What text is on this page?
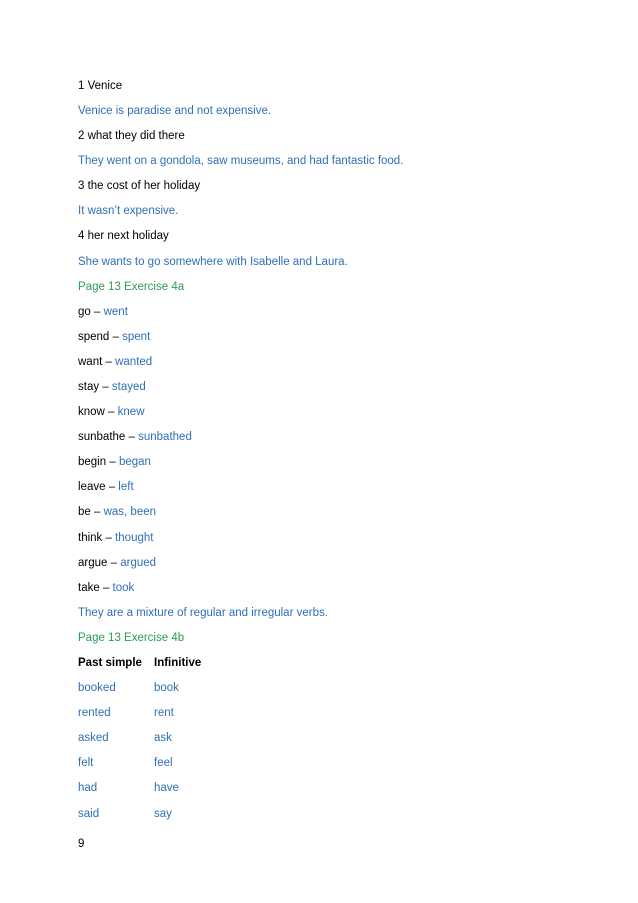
1 Venice
Venice is paradise and not expensive.
2 what they did there
They went on a gondola, saw museums, and had fantastic food.
3 the cost of her holiday
It wasn’t expensive.
4 her next holiday
She wants to go somewhere with Isabelle and Laura.
Page 13 Exercise 4a
go – went
spend – spent
want – wanted
stay – stayed
know – knew
sunbathe – sunbathed
begin – began
leave – left
be – was, been
think – thought
argue – argued
take – took
They are a mixture of regular and irregular verbs.
Page 13 Exercise 4b
Past simple Infinitive
booked	book
rented	rent
asked	ask
felt	feel
had	have
said	say
9
